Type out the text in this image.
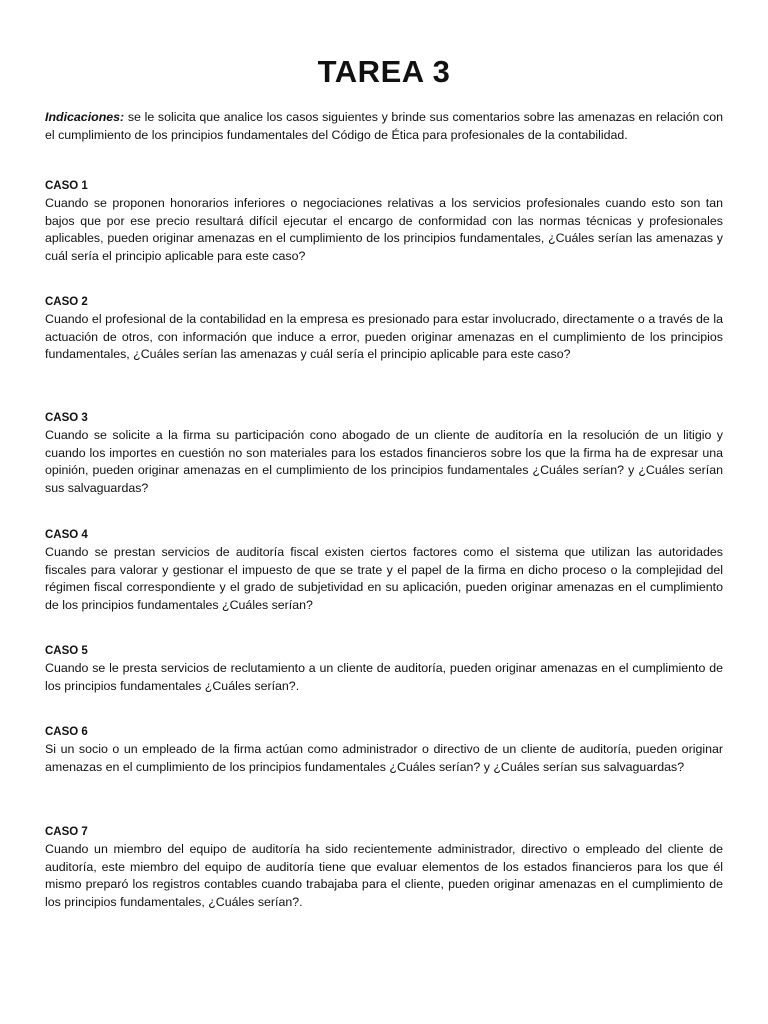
TAREA 3

Indicaciones: se le solicita que analice los casos siguientes y brinde sus comentarios sobre las amenazas en relación con el cumplimiento de los principios fundamentales del Código de Ética para profesionales de la contabilidad.

CASO 1
Cuando se proponen honorarios inferiores o negociaciones relativas a los servicios profesionales cuando esto son tan bajos que por ese precio resultará difícil ejecutar el encargo de conformidad con las normas técnicas y profesionales aplicables, pueden originar amenazas en el cumplimiento de los principios fundamentales, ¿Cuáles serían las amenazas y cuál sería el principio aplicable para este caso?
CASO 2
Cuando el profesional de la contabilidad en la empresa es presionado para estar involucrado, directamente o a través de la actuación de otros, con información que induce a error, pueden originar amenazas en el cumplimiento de los principios fundamentales, ¿Cuáles serían las amenazas y cuál sería el principio aplicable para este caso?
CASO 3
Cuando se solicite a la firma su participación cono abogado de un cliente de auditoría en la resolución de un litigio y cuando los importes en cuestión no son materiales para los estados financieros sobre los que la firma ha de expresar una opinión, pueden originar amenazas en el cumplimiento de los principios fundamentales ¿Cuáles serían? y ¿Cuáles serían sus salvaguardas?
CASO 4
Cuando se prestan servicios de auditoría fiscal existen ciertos factores como el sistema que utilizan las autoridades fiscales para valorar y gestionar el impuesto de que se trate y el papel de la firma en dicho proceso o la complejidad del régimen fiscal correspondiente y el grado de subjetividad en su aplicación, pueden originar amenazas en el cumplimiento de los principios fundamentales ¿Cuáles serían?
CASO 5
Cuando se le presta servicios de reclutamiento a un cliente de auditoría, pueden originar amenazas en el cumplimiento de los principios fundamentales ¿Cuáles serían?.
CASO 6
Si un socio o un empleado de la firma actúan como administrador o directivo de un cliente de auditoría, pueden originar amenazas en el cumplimiento de los principios fundamentales ¿Cuáles serían? y ¿Cuáles serían sus salvaguardas?
CASO 7
Cuando un miembro del equipo de auditoría ha sido recientemente administrador, directivo o empleado del cliente de auditoría, este miembro del equipo de auditoría tiene que evaluar elementos de los estados financieros para los que él mismo preparó los registros contables cuando trabajaba para el cliente, pueden originar amenazas en el cumplimiento de los principios fundamentales, ¿Cuáles serían?.
